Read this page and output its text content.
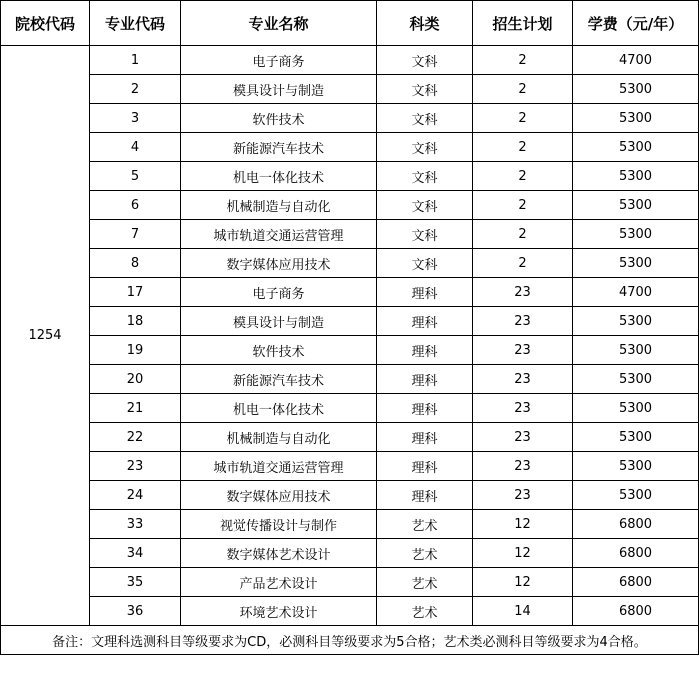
院校代码	专业代码	专业名称	科类	招生计划	学费（元/年）
1254	1	电子商务	文科	2	4700
	2	模具设计与制造	文科	2	5300
	3	软件技术	文科	2	5300
	4	新能源汽车技术	文科	2	5300
	5	机电一体化技术	文科	2	5300
	6	机械制造与自动化	文科	2	5300
	7	城市轨道交通运营管理	文科	2	5300
	8	数字媒体应用技术	文科	2	5300
	17	电子商务	理科	23	4700
	18	模具设计与制造	理科	23	5300
	19	软件技术	理科	23	5300
	20	新能源汽车技术	理科	23	5300
	21	机电一体化技术	理科	23	5300
	22	机械制造与自动化	理科	23	5300
	23	城市轨道交通运营管理	理科	23	5300
	24	数字媒体应用技术	理科	23	5300
	33	视觉传播设计与制作	艺术	12	6800
	34	数字媒体艺术设计	艺术	12	6800
	35	产品艺术设计	艺术	12	6800
	36	环境艺术设计	艺术	14	6800
备注：文理科选测科目等级要求为CD，必测科目等级要求为5合格；艺术类必测科目等级要求为4合格。					
